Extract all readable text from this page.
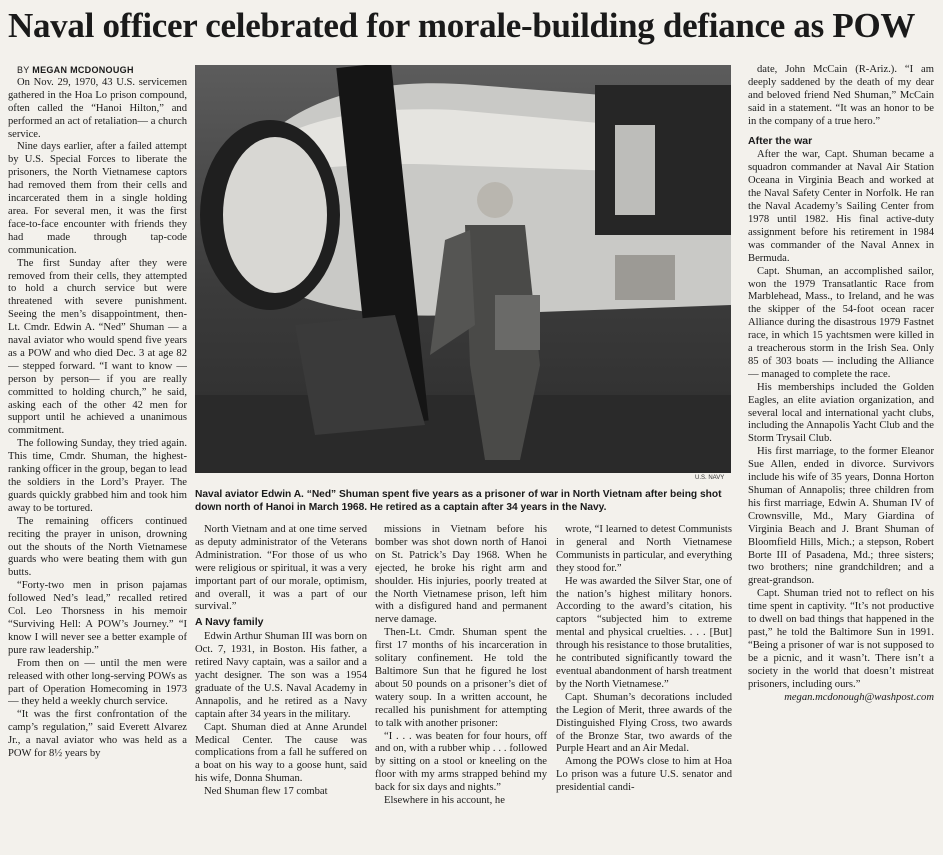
Naval officer celebrated for morale-building defiance as POW

BY MEGAN MCDONOUGH

On Nov. 29, 1970, 43 U.S. servicemen gathered in the Hoa Lo prison compound, often called the “Hanoi Hilton,” and performed an act of retaliation— a church service.

Nine days earlier, after a failed attempt by U.S. Special Forces to liberate the prisoners, the North Vietnamese captors had removed them from their cells and incarcerated them in a single holding area. For several men, it was the first face-to-face encounter with friends they had made through tap-code communication.

The first Sunday after they were removed from their cells, they attempted to hold a church service but were threatened with severe punishment. Seeing the men’s disappointment, then-Lt. Cmdr. Edwin A. “Ned” Shuman — a naval aviator who would spend five years as a POW and who died Dec. 3 at age 82 — stepped forward. “I want to know — person by person— if you are really committed to holding church,” he said, asking each of the other 42 men for support until he achieved a unanimous commitment.

The following Sunday, they tried again. This time, Cmdr. Shuman, the highest-ranking officer in the group, began to lead the soldiers in the Lord’s Prayer. The guards quickly grabbed him and took him away to be tortured.

The remaining officers continued reciting the prayer in unison, drowning out the shouts of the North Vietnamese guards who were beating them with gun butts.

“Forty-two men in prison pajamas followed Ned’s lead,” recalled retired Col. Leo Thorsness in his memoir “Surviving Hell: A POW’s Journey.” “I know I will never see a better example of pure raw leadership.”

From then on — until the men were released with other long-serving POWs as part of Operation Homecoming in 1973 — they held a weekly church service.

“It was the first confrontation of the camp’s regulation,” said Everett Alvarez Jr., a naval aviator who was held as a POW for 8½ years by

U.S. NAVY
Naval aviator Edwin A. “Ned” Shuman spent five years as a prisoner of war in North Vietnam after being shot down north of Hanoi in March 1968. He retired as a captain after 34 years in the Navy.

North Vietnam and at one time served as deputy administrator of the Veterans Administration. “For those of us who were religious or spiritual, it was a very important part of our morale, optimism, and overall, it was a part of our survival.”

A Navy family

Edwin Arthur Shuman III was born on Oct. 7, 1931, in Boston. His father, a retired Navy captain, was a sailor and a yacht designer. The son was a 1954 graduate of the U.S. Naval Academy in Annapolis, and he retired as a Navy captain after 34 years in the military.

Capt. Shuman died at Anne Arundel Medical Center. The cause was complications from a fall he suffered on a boat on his way to a goose hunt, said his wife, Donna Shuman.

Ned Shuman flew 17 combat

missions in Vietnam before his bomber was shot down north of Hanoi on St. Patrick’s Day 1968. When he ejected, he broke his right arm and shoulder. His injuries, poorly treated at the North Vietnamese prison, left him with a disfigured hand and permanent nerve damage.

Then-Lt. Cmdr. Shuman spent the first 17 months of his incarceration in solitary confinement. He told the Baltimore Sun that he figured he lost about 50 pounds on a prisoner’s diet of watery soup. In a written account, he recalled his punishment for attempting to talk with another prisoner:

“I . . . was beaten for four hours, off and on, with a rubber whip . . . followed by sitting on a stool or kneeling on the floor with my arms strapped behind my back for six days and nights.”

Elsewhere in his account, he

wrote, “I learned to detest Communists in general and North Vietnamese Communists in particular, and everything they stood for.”

He was awarded the Silver Star, one of the nation’s highest military honors. According to the award’s citation, his captors “subjected him to extreme mental and physical cruelties. . . . [But] through his resistance to those brutalities, he contributed significantly toward the eventual abandonment of harsh treatment by the North Vietnamese.”

Capt. Shuman’s decorations included the Legion of Merit, three awards of the Distinguished Flying Cross, two awards of the Bronze Star, two awards of the Purple Heart and an Air Medal.

Among the POWs close to him at Hoa Lo prison was a future U.S. senator and presidential candi-

date, John McCain (R-Ariz.). “I am deeply saddened by the death of my dear and beloved friend Ned Shuman,” McCain said in a statement. “It was an honor to be in the company of a true hero.”

After the war

After the war, Capt. Shuman became a squadron commander at Naval Air Station Oceana in Virginia Beach and worked at the Naval Safety Center in Norfolk. He ran the Naval Academy’s Sailing Center from 1978 until 1982. His final active-duty assignment before his retirement in 1984 was commander of the Naval Annex in Bermuda.

Capt. Shuman, an accomplished sailor, won the 1979 Transatlantic Race from Marblehead, Mass., to Ireland, and he was the skipper of the 54-foot ocean racer Alliance during the disastrous 1979 Fastnet race, in which 15 yachtsmen were killed in a treacherous storm in the Irish Sea. Only 85 of 303 boats — including the Alliance — managed to complete the race.

His memberships included the Golden Eagles, an elite aviation organization, and several local and international yacht clubs, including the Annapolis Yacht Club and the Storm Trysail Club.

His first marriage, to the former Eleanor Sue Allen, ended in divorce. Survivors include his wife of 35 years, Donna Horton Shuman of Annapolis; three children from his first marriage, Edwin A. Shuman IV of Crownsville, Md., Mary Giardina of Virginia Beach and J. Brant Shuman of Bloomfield Hills, Mich.; a stepson, Robert Borte III of Pasadena, Md.; three sisters; two brothers; nine grandchildren; and a great-grandson.

Capt. Shuman tried not to reflect on his time spent in captivity. “It’s not productive to dwell on bad things that happened in the past,” he told the Baltimore Sun in 1991. “Being a prisoner of war is not supposed to be a picnic, and it wasn’t. There isn’t a society in the world that doesn’t mistreat prisoners, including ours.”

megan.mcdonough@washpost.com
